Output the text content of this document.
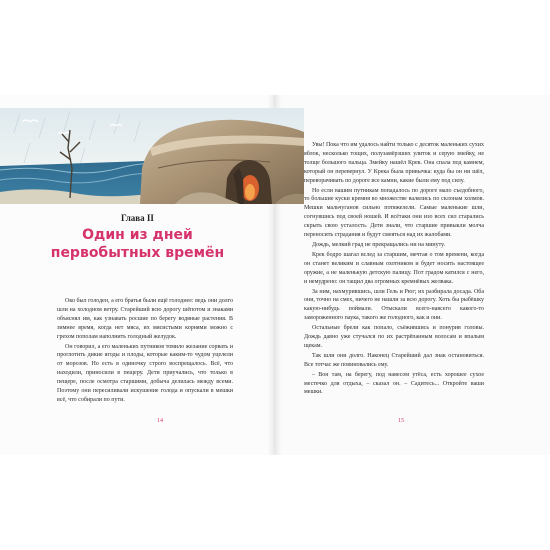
Глава II
Один из дней
первобытных времён

Око был голоден, а его братья были ещё голоднее: ведь они долго шли на холодном ветру. Старейший всю дорогу шёпотом и знаками объяснял им, как узнавать росшие по берегу водяные растения. В зимнее время, когда нет мяса, их мясистыми корнями можно с грехом пополам наполнить голодный желудок.

Он говорил, а его маленьких путников томило желание сорвать и проглотить дикие ягоды и плоды, которые каким-то чудом уцелели от морозов. Но есть в одиночку строго воспрещалось. Всё, что находили, приносили в пещеру. Дети приучались, что только в пещере, после осмотра старшими, добыча делилась между всеми. Поэтому они пересиливали искушение голода и опускали в мешки всё, что собирали по пути.

Увы! Пока что им удалось найти только с десяток маленьких сухих яблок, несколько тощих, полузамёрзших улиток и серую змейку, не толще большого пальца. Змейку нашёл Крек. Она спала под камнем, который он перевернул. У Крека была привычка: куда бы он ни шёл, переворачивать по дороге все камни, какие были ему под силу.

Но если вашим путникам попадалось по дороге мало съедобного, то большие куски кремня во множестве валялись по склонам холмов. Мешки мальчуганов сильно потяжелели. Самые маленькие шли, согнувшись под своей ношей. И всётаки они изо всех сил старались скрыть свою усталость. Дети знали, что старшие привыкли молча переносить страдания и будут смеяться над их жалобами.

Дождь, мелкий град не прекращались ни на минуту.

Крек бодро шагал вслед за старшим, мечтая о том времени, когда он станет великим и славным охотником и будет носить настоящее оружие, а не маленькую детскую палицу. Пот градом катился с него, и немудрено: он тащил два огромных кремнёвых желвака.

За ним, нахмурившись, шли Гель и Рюг; их разбирала досада. Оба они, точно на смех, ничего не нашли за всю дорогу. Хоть бы рыбёшку какую-нибудь поймали. Отыскали всего-навсего какого-то замороженного паука, такого же голодного, как и они.

Остальные брели как попало, съёжившись и понурив головы. Дождь давно уже стучался по их растрёпанным волосам и впалым щекам.

Так шли они долго. Наконец Старейший дал знак остановиться. Все тотчас же повиновались ему.

– Вон там, на берегу, под навесом утёса, есть хорошее сухое местечко для отдыха, – сказал он. – Садитесь... Откройте ваши мешки.

14	15
